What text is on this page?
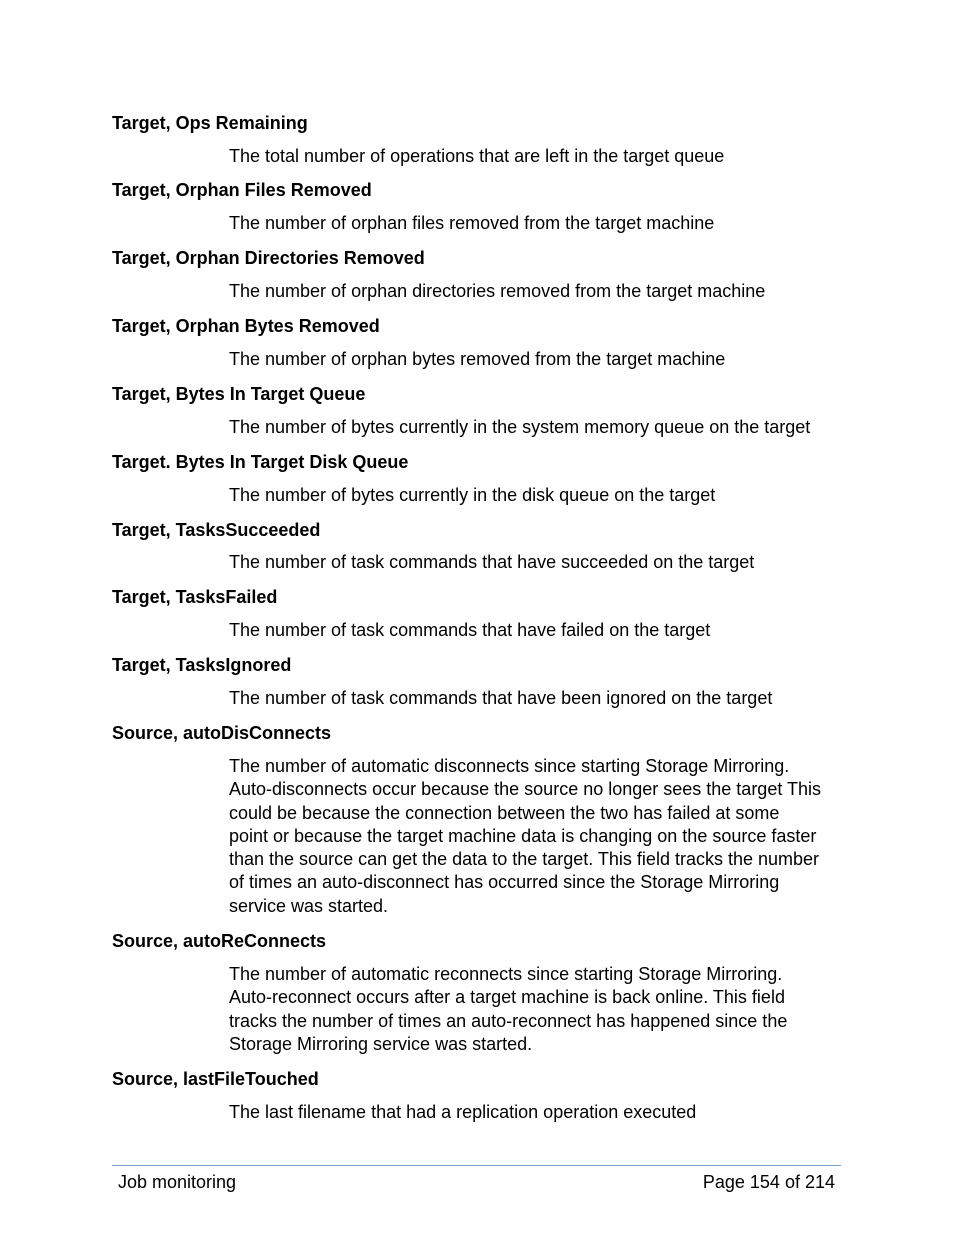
Target, Ops Remaining
The total number of operations that are left in the target queue
Target, Orphan Files Removed
The number of orphan files removed from the target machine
Target, Orphan Directories Removed
The number of orphan directories removed from the target machine
Target, Orphan Bytes Removed
The number of orphan bytes removed from the target machine
Target, Bytes In Target Queue
The number of bytes currently in the system memory queue on the target
Target. Bytes In Target Disk Queue
The number of bytes currently in the disk queue on the target
Target, TasksSucceeded
The number of task commands that have succeeded on the target
Target, TasksFailed
The number of task commands that have failed on the target
Target, TasksIgnored
The number of task commands that have been ignored on the target
Source, autoDisConnects
The number of automatic disconnects since starting Storage Mirroring.
Auto-disconnects occur because the source no longer sees the target This
could be because the connection between the two has failed at some
point or because the target machine data is changing on the source faster
than the source can get the data to the target. This field tracks the number
of times an auto-disconnect has occurred since the Storage Mirroring
service was started.
Source, autoReConnects
The number of automatic reconnects since starting Storage Mirroring.
Auto-reconnect occurs after a target machine is back online. This field
tracks the number of times an auto-reconnect has happened since the
Storage Mirroring service was started.
Source, lastFileTouched
The last filename that had a replication operation executed
Job monitoring	Page 154 of 214
